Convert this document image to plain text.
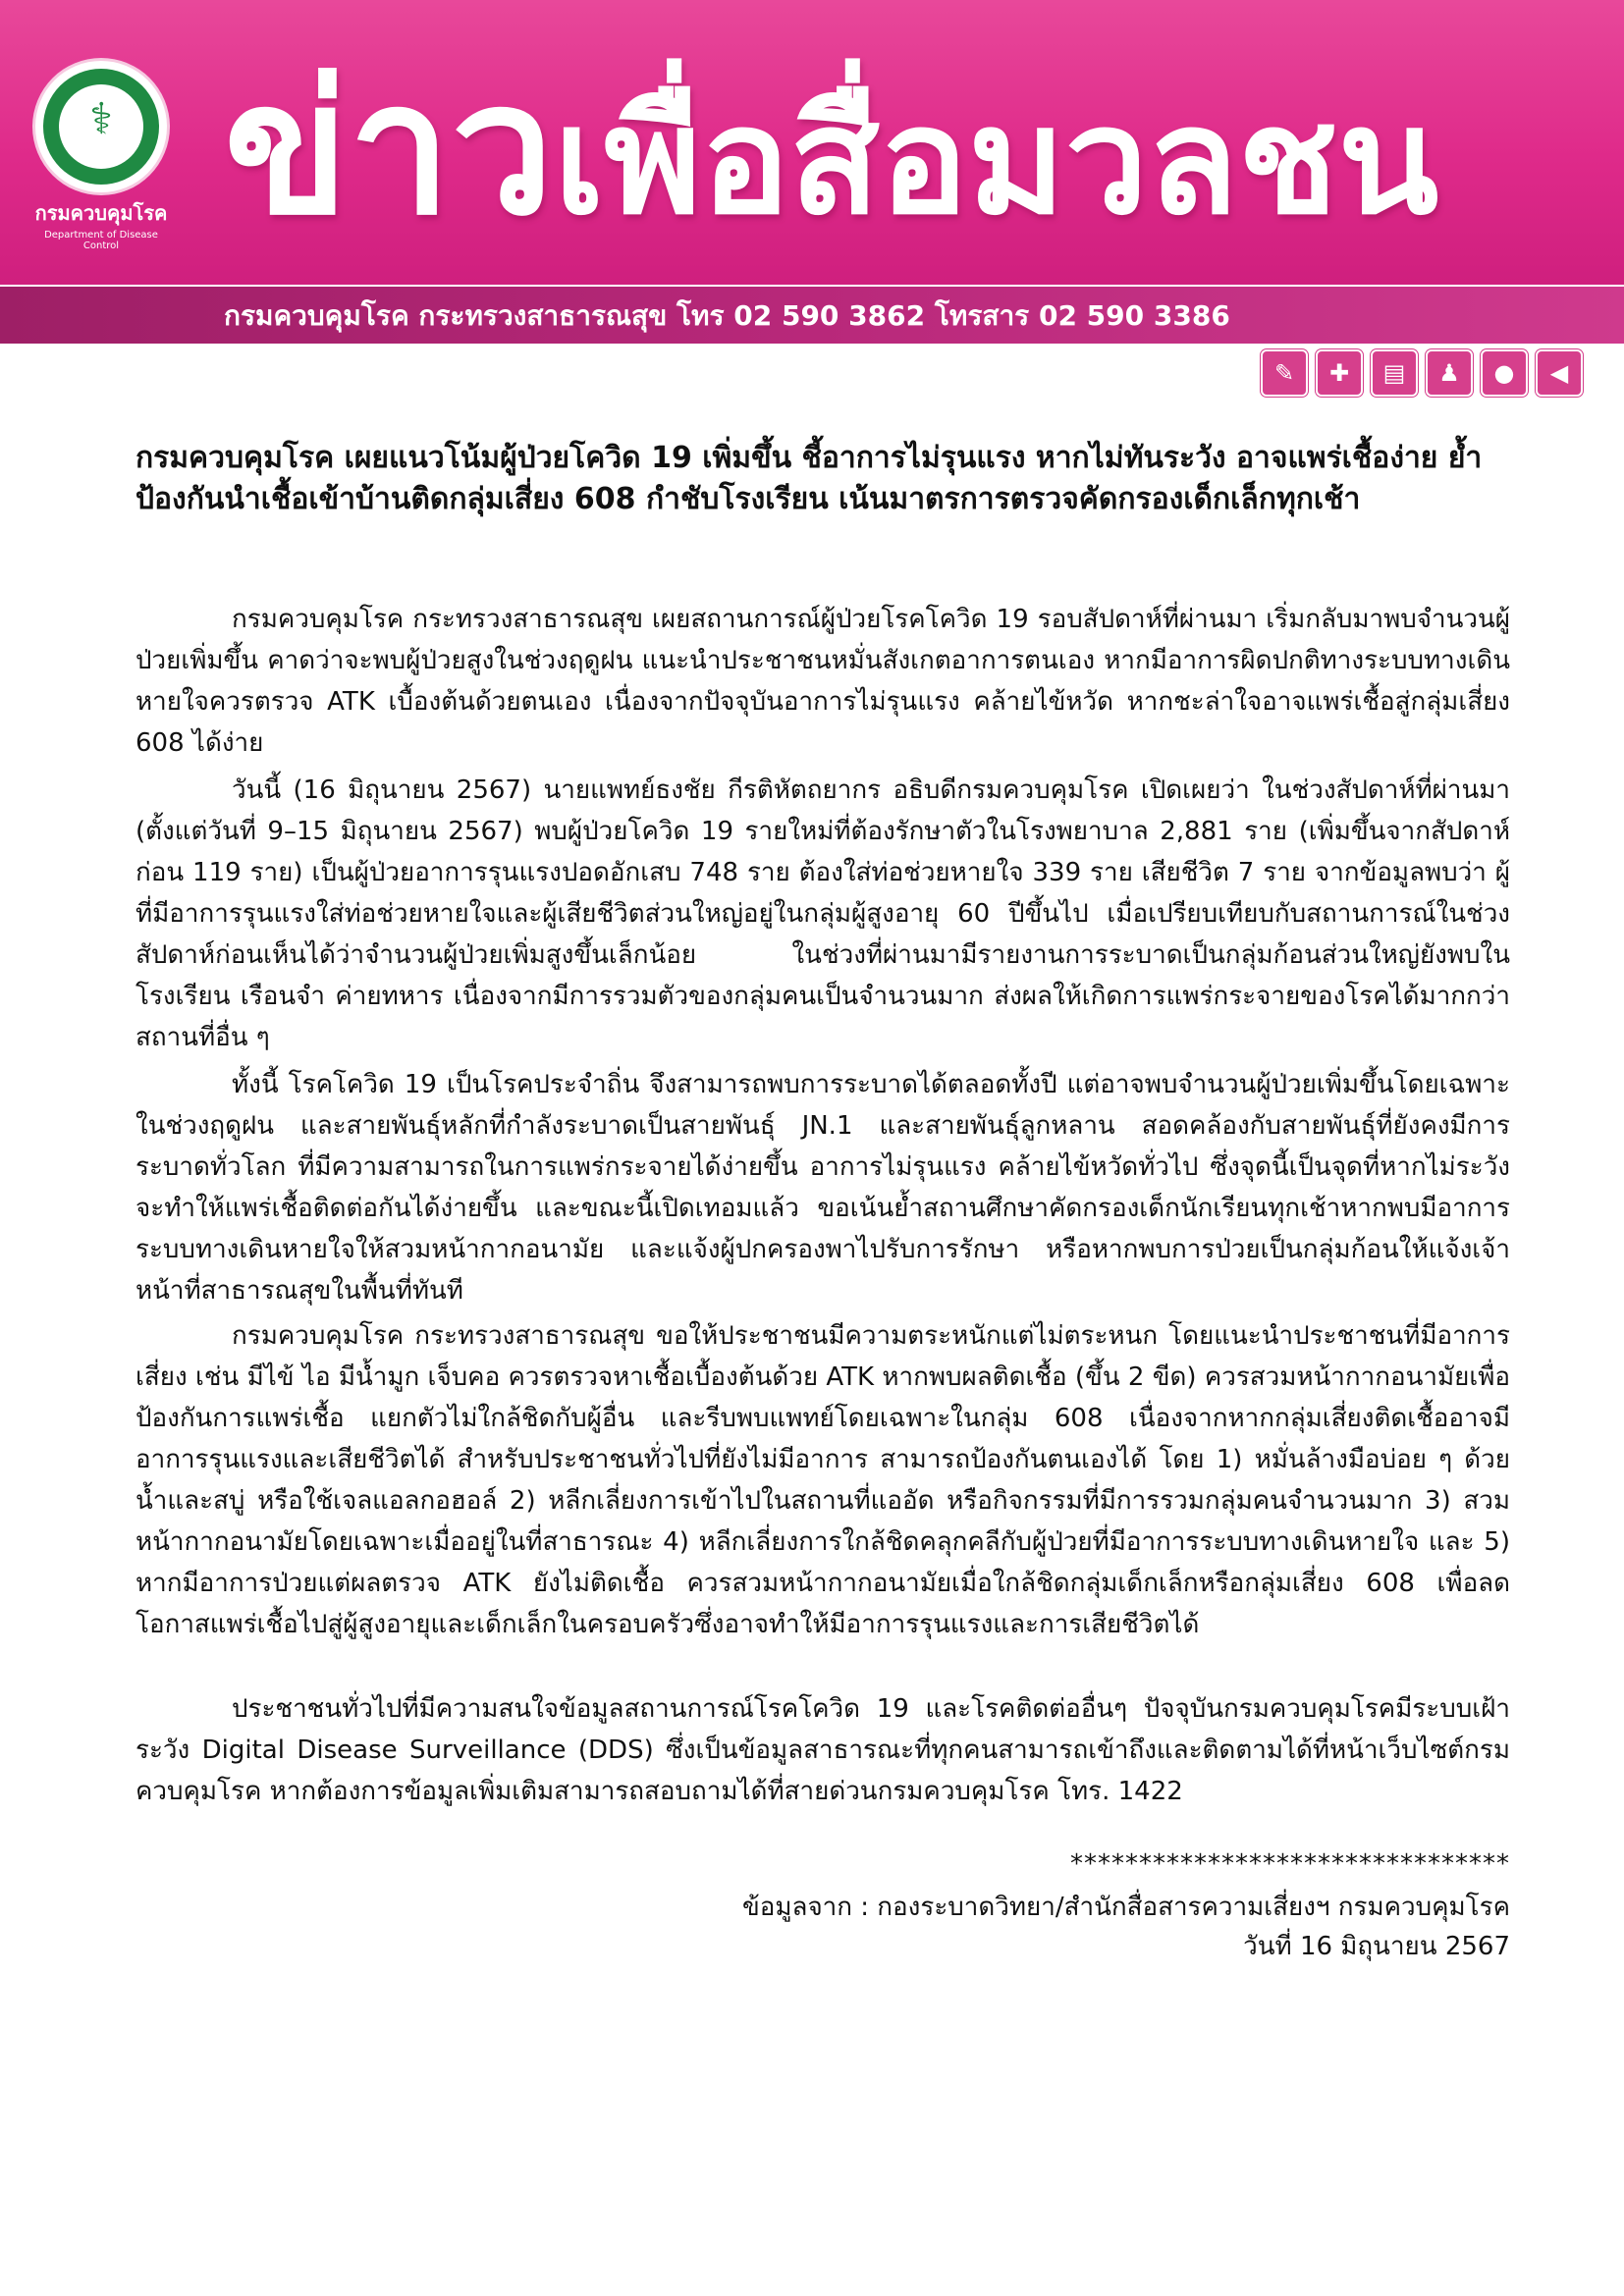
⚕
กรมควบคุมโรค
Department of Disease Control ข่าวเพื่อสื่อมวลชน
กรมควบคุมโรค กระทรวงสาธารณสุข โทร 02 590 3862 โทรสาร 02 590 3386
✎	✚	▤	♟	●	◀
กรมควบคุมโรค เผยแนวโน้มผู้ป่วยโควิด 19 เพิ่มขึ้น ชี้อาการไม่รุนแรง หากไม่ทันระวัง อาจแพร่เชื้อง่าย ย้ำป้องกันนำเชื้อเข้าบ้านติดกลุ่มเสี่ยง 608 กำชับโรงเรียน เน้นมาตรการตรวจคัดกรองเด็กเล็กทุกเช้า
กรมควบคุมโรค กระทรวงสาธารณสุข เผยสถานการณ์ผู้ป่วยโรคโควิด 19 รอบสัปดาห์ที่ผ่านมา เริ่มกลับมาพบจำนวนผู้ป่วยเพิ่มขึ้น คาดว่าจะพบผู้ป่วยสูงในช่วงฤดูฝน แนะนำประชาชนหมั่นสังเกตอาการตนเอง หากมีอาการผิดปกติทางระบบทางเดินหายใจควรตรวจ ATK เบื้องต้นด้วยตนเอง เนื่องจากปัจจุบันอาการไม่รุนแรง คล้ายไข้หวัด หากชะล่าใจอาจแพร่เชื้อสู่กลุ่มเสี่ยง 608 ได้ง่าย
วันนี้ (16 มิถุนายน 2567) นายแพทย์ธงชัย กีรติหัตถยากร อธิบดีกรมควบคุมโรค เปิดเผยว่า ในช่วงสัปดาห์ที่ผ่านมา (ตั้งแต่วันที่ 9–15 มิถุนายน 2567) พบผู้ป่วยโควิด 19 รายใหม่ที่ต้องรักษาตัวในโรงพยาบาล 2,881 ราย (เพิ่มขึ้นจากสัปดาห์ก่อน 119 ราย) เป็นผู้ป่วยอาการรุนแรงปอดอักเสบ 748 ราย ต้องใส่ท่อช่วยหายใจ 339 ราย เสียชีวิต 7 ราย จากข้อมูลพบว่า ผู้ที่มีอาการรุนแรงใส่ท่อช่วยหายใจและผู้เสียชีวิตส่วนใหญ่อยู่ในกลุ่มผู้สูงอายุ 60 ปีขึ้นไป เมื่อเปรียบเทียบกับสถานการณ์ในช่วงสัปดาห์ก่อนเห็นได้ว่าจำนวนผู้ป่วยเพิ่มสูงขึ้นเล็กน้อย ในช่วงที่ผ่านมามีรายงานการระบาดเป็นกลุ่มก้อนส่วนใหญ่ยังพบในโรงเรียน เรือนจำ ค่ายทหาร เนื่องจากมีการรวมตัวของกลุ่มคนเป็นจำนวนมาก ส่งผลให้เกิดการแพร่กระจายของโรคได้มากกว่าสถานที่อื่น ๆ
ทั้งนี้ โรคโควิด 19 เป็นโรคประจำถิ่น จึงสามารถพบการระบาดได้ตลอดทั้งปี แต่อาจพบจำนวนผู้ป่วยเพิ่มขึ้นโดยเฉพาะในช่วงฤดูฝน และสายพันธุ์หลักที่กำลังระบาดเป็นสายพันธุ์ JN.1 และสายพันธุ์ลูกหลาน สอดคล้องกับสายพันธุ์ที่ยังคงมีการระบาดทั่วโลก ที่มีความสามารถในการแพร่กระจายได้ง่ายขึ้น อาการไม่รุนแรง คล้ายไข้หวัดทั่วไป ซึ่งจุดนี้เป็นจุดที่หากไม่ระวังจะทำให้แพร่เชื้อติดต่อกันได้ง่ายขึ้น และขณะนี้เปิดเทอมแล้ว ขอเน้นย้ำสถานศึกษาคัดกรองเด็กนักเรียนทุกเช้าหากพบมีอาการระบบทางเดินหายใจให้สวมหน้ากากอนามัย และแจ้งผู้ปกครองพาไปรับการรักษา หรือหากพบการป่วยเป็นกลุ่มก้อนให้แจ้งเจ้าหน้าที่สาธารณสุขในพื้นที่ทันที
กรมควบคุมโรค กระทรวงสาธารณสุข ขอให้ประชาชนมีความตระหนักแต่ไม่ตระหนก โดยแนะนำประชาชนที่มีอาการเสี่ยง เช่น มีไข้ ไอ มีน้ำมูก เจ็บคอ ควรตรวจหาเชื้อเบื้องต้นด้วย ATK หากพบผลติดเชื้อ (ขึ้น 2 ขีด) ควรสวมหน้ากากอนามัยเพื่อป้องกันการแพร่เชื้อ แยกตัวไม่ใกล้ชิดกับผู้อื่น และรีบพบแพทย์โดยเฉพาะในกลุ่ม 608 เนื่องจากหากกลุ่มเสี่ยงติดเชื้ออาจมีอาการรุนแรงและเสียชีวิตได้ สำหรับประชาชนทั่วไปที่ยังไม่มีอาการ สามารถป้องกันตนเองได้ โดย 1) หมั่นล้างมือบ่อย ๆ ด้วยน้ำและสบู่ หรือใช้เจลแอลกอฮอล์ 2) หลีกเลี่ยงการเข้าไปในสถานที่แออัด หรือกิจกรรมที่มีการรวมกลุ่มคนจำนวนมาก 3) สวมหน้ากากอนามัยโดยเฉพาะเมื่ออยู่ในที่สาธารณะ 4) หลีกเลี่ยงการใกล้ชิดคลุกคลีกับผู้ป่วยที่มีอาการระบบทางเดินหายใจ และ 5) หากมีอาการป่วยแต่ผลตรวจ ATK ยังไม่ติดเชื้อ ควรสวมหน้ากากอนามัยเมื่อใกล้ชิดกลุ่มเด็กเล็กหรือกลุ่มเสี่ยง 608 เพื่อลดโอกาสแพร่เชื้อไปสู่ผู้สูงอายุและเด็กเล็กในครอบครัวซึ่งอาจทำให้มีอาการรุนแรงและการเสียชีวิตได้
ประชาชนทั่วไปที่มีความสนใจข้อมูลสถานการณ์โรคโควิด 19 และโรคติดต่ออื่นๆ ปัจจุบันกรมควบคุมโรคมีระบบเฝ้าระวัง Digital Disease Surveillance (DDS) ซึ่งเป็นข้อมูลสาธารณะที่ทุกคนสามารถเข้าถึงและติดตามได้ที่หน้าเว็บไซต์กรมควบคุมโรค หากต้องการข้อมูลเพิ่มเติมสามารถสอบถามได้ที่สายด่วนกรมควบคุมโรค โทร. 1422
********************************
ข้อมูลจาก : กองระบาดวิทยา/สำนักสื่อสารความเสี่ยงฯ กรมควบคุมโรค
วันที่ 16 มิถุนายน 2567
